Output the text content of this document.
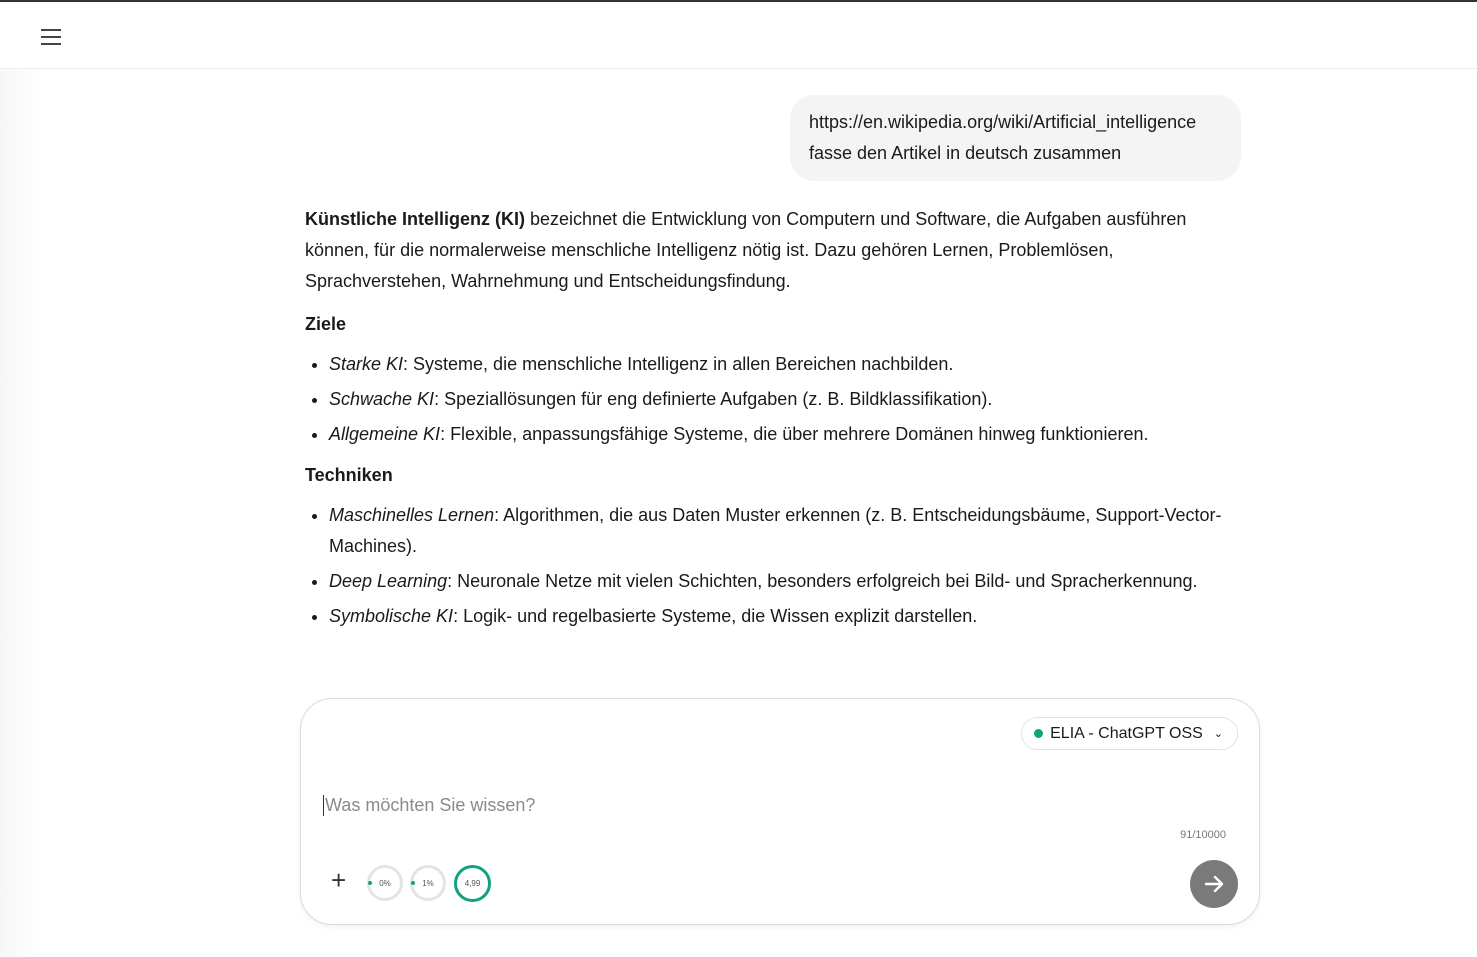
https://en.wikipedia.org/wiki/Artificial_intelligence
fasse den Artikel in deutsch zusammen

Künstliche Intelligenz (KI) bezeichnet die Entwicklung von Computern und Software, die Aufgaben ausführen können, für die normalerweise menschliche Intelligenz nötig ist. Dazu gehören Lernen, Problemlösen, Sprachverstehen, Wahrnehmung und Entscheidungsfindung.

Ziele
• Starke KI: Systeme, die menschliche Intelligenz in allen Bereichen nachbilden.
• Schwache KI: Speziallösungen für eng definierte Aufgaben (z. B. Bildklassifikation).
• Allgemeine KI: Flexible, anpassungsfähige Systeme, die über mehrere Domänen hinweg funktionieren.
Techniken
• Maschinelles Lernen: Algorithmen, die aus Daten Muster erkennen (z. B. Entscheidungsbäume, Support-Vector-Machines).
• Deep Learning: Neuronale Netze mit vielen Schichten, besonders erfolgreich bei Bild- und Spracherkennung.
• Symbolische KI: Logik- und regelbasierte Systeme, die Wissen explizit darstellen.
ELIA - ChatGPT OSS ⌄
Was möchten Sie wissen?
91/10000
+	0%	1%	4,99
